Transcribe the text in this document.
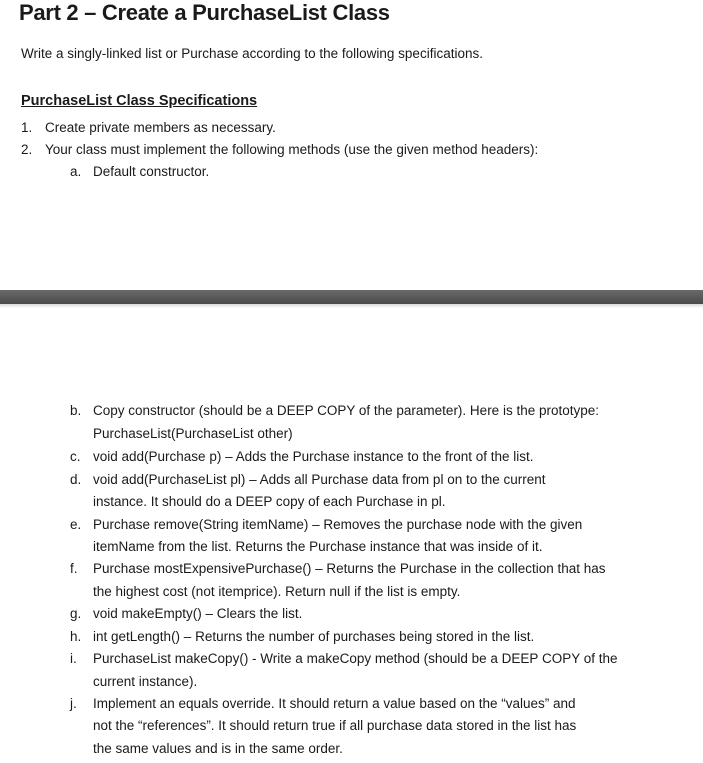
Part 2 – Create a PurchaseList Class
Write a singly-linked list or Purchase according to the following specifications.
PurchaseList Class Specifications
1. Create private members as necessary.
2. Your class must implement the following methods (use the given method headers):
a. Default constructor.
b. Copy constructor (should be a DEEP COPY of the parameter). Here is the prototype:
PurchaseList(PurchaseList other)
c. void add(Purchase p) – Adds the Purchase instance to the front of the list.
d. void add(PurchaseList pl) – Adds all Purchase data from pl on to the current
instance. It should do a DEEP copy of each Purchase in pl.
e. Purchase remove(String itemName) – Removes the purchase node with the given
itemName from the list. Returns the Purchase instance that was inside of it.
f. Purchase mostExpensivePurchase() – Returns the Purchase in the collection that has
the highest cost (not itemprice). Return null if the list is empty.
g. void makeEmpty() – Clears the list.
h. int getLength() – Returns the number of purchases being stored in the list.
i. PurchaseList makeCopy() - Write a makeCopy method (should be a DEEP COPY of the
current instance).
j. Implement an equals override. It should return a value based on the “values” and
not the “references”. It should return true if all purchase data stored in the list has
the same values and is in the same order.
